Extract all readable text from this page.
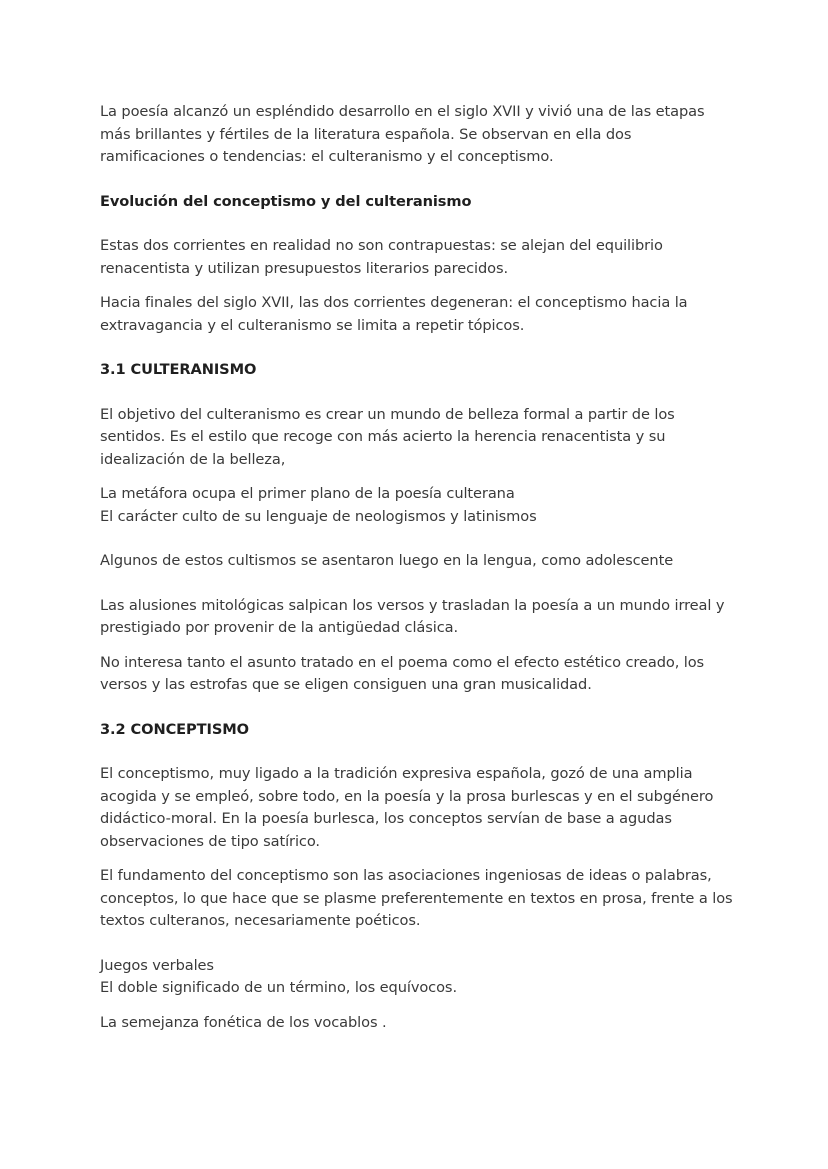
La poesía alcanzó un espléndido desarrollo en el siglo XVII y vivió una de las etapas más brillantes y fértiles de la literatura española. Se observan en ella dos ramificaciones o tendencias: el culteranismo y el conceptismo.

Evolución del conceptismo y del culteranismo

Estas dos corrientes en realidad no son contrapuestas: se alejan del equilibrio renacentista y utilizan presupuestos literarios parecidos.

Hacia finales del siglo XVII, las dos corrientes degeneran: el conceptismo hacia la extravagancia y el culteranismo se limita a repetir tópicos.

3.1 CULTERANISMO

El objetivo del culteranismo es crear un mundo de belleza formal a partir de los sentidos. Es el estilo que recoge con más acierto la herencia renacentista y su idealización de la belleza,

La metáfora ocupa el primer plano de la poesía culterana

El carácter culto de su lenguaje de neologismos y latinismos

Algunos de estos cultismos se asentaron luego en la lengua, como adolescente

Las alusiones mitológicas salpican los versos y trasladan la poesía a un mundo irreal y prestigiado por provenir de la antigüedad clásica.

No interesa tanto el asunto tratado en el poema como el efecto estético creado, los versos y las estrofas que se eligen consiguen una gran musicalidad.

3.2 CONCEPTISMO

El conceptismo, muy ligado a la tradición expresiva española, gozó de una amplia acogida y se empleó, sobre todo, en la poesía y la prosa burlescas y en el subgénero didáctico-moral. En la poesía burlesca, los conceptos servían de base a agudas observaciones de tipo satírico.

El fundamento del conceptismo son las asociaciones ingeniosas de ideas o palabras, conceptos, lo que hace que se plasme preferentemente en textos en prosa, frente a los textos culteranos, necesariamente poéticos.

Juegos verbales

El doble significado de un término, los equívocos.

La semejanza fonética de los vocablos .
